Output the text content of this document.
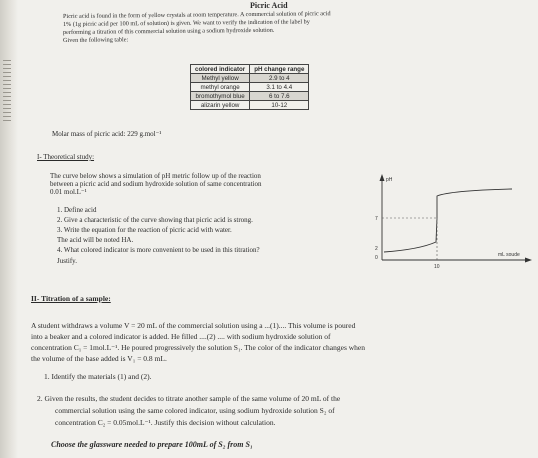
Picric Acid
Picric acid is found in the form of yellow crystals at room temperature. A commercial solution of picric acid
1% (1g picric acid per 100 mL of solution) is given. We want to verify the indication of the label by
performing a titration of this commercial solution using a sodium hydroxide solution.
Given the following table:
colored indicator	pH change range
Methyl yellow	2.9 to 4
methyl orange	3.1 to 4.4
bromothymol blue	6 to 7.6
alizarin yellow	10-12
Molar mass of picric acid: 229 g.mol⁻¹
I- Theoretical study:
The curve below shows a simulation of pH metric follow up of the reaction
between a picric acid and sodium hydroxide solution of same concentration
0.01 mol.L⁻¹
1. Define acid
2. Give a characteristic of the curve showing that picric acid is strong.
3. Write the equation for the reaction of picric acid with water.
The acid will be noted HA.
4. What colored indicator is more convenient to be used in this titration?
Justify.
pH
7
2
0
10
mL soude
II- Titration of a sample:
A student withdraws a volume V = 20 mL of the commercial solution using a ...(1).... This volume is poured
into a beaker and a colored indicator is added. He filled ....(2) .... with sodium hydroxide solution of
concentration C₁ = 1mol.L⁻¹. He poured progressively the solution S₁. The color of the indicator changes when
the volume of the base added is V₁ = 0.8 mL.
1. Identify the materials (1) and (2).
2. Given the results, the student decides to titrate another sample of the same volume of 20 mL of the
commercial solution using the same colored indicator, using sodium hydroxide solution S₂ of
concentration C₂ = 0.05mol.L⁻¹. Justify this decision without calculation.
Choose the glassware needed to prepare 100mL of S₂ from S₁
